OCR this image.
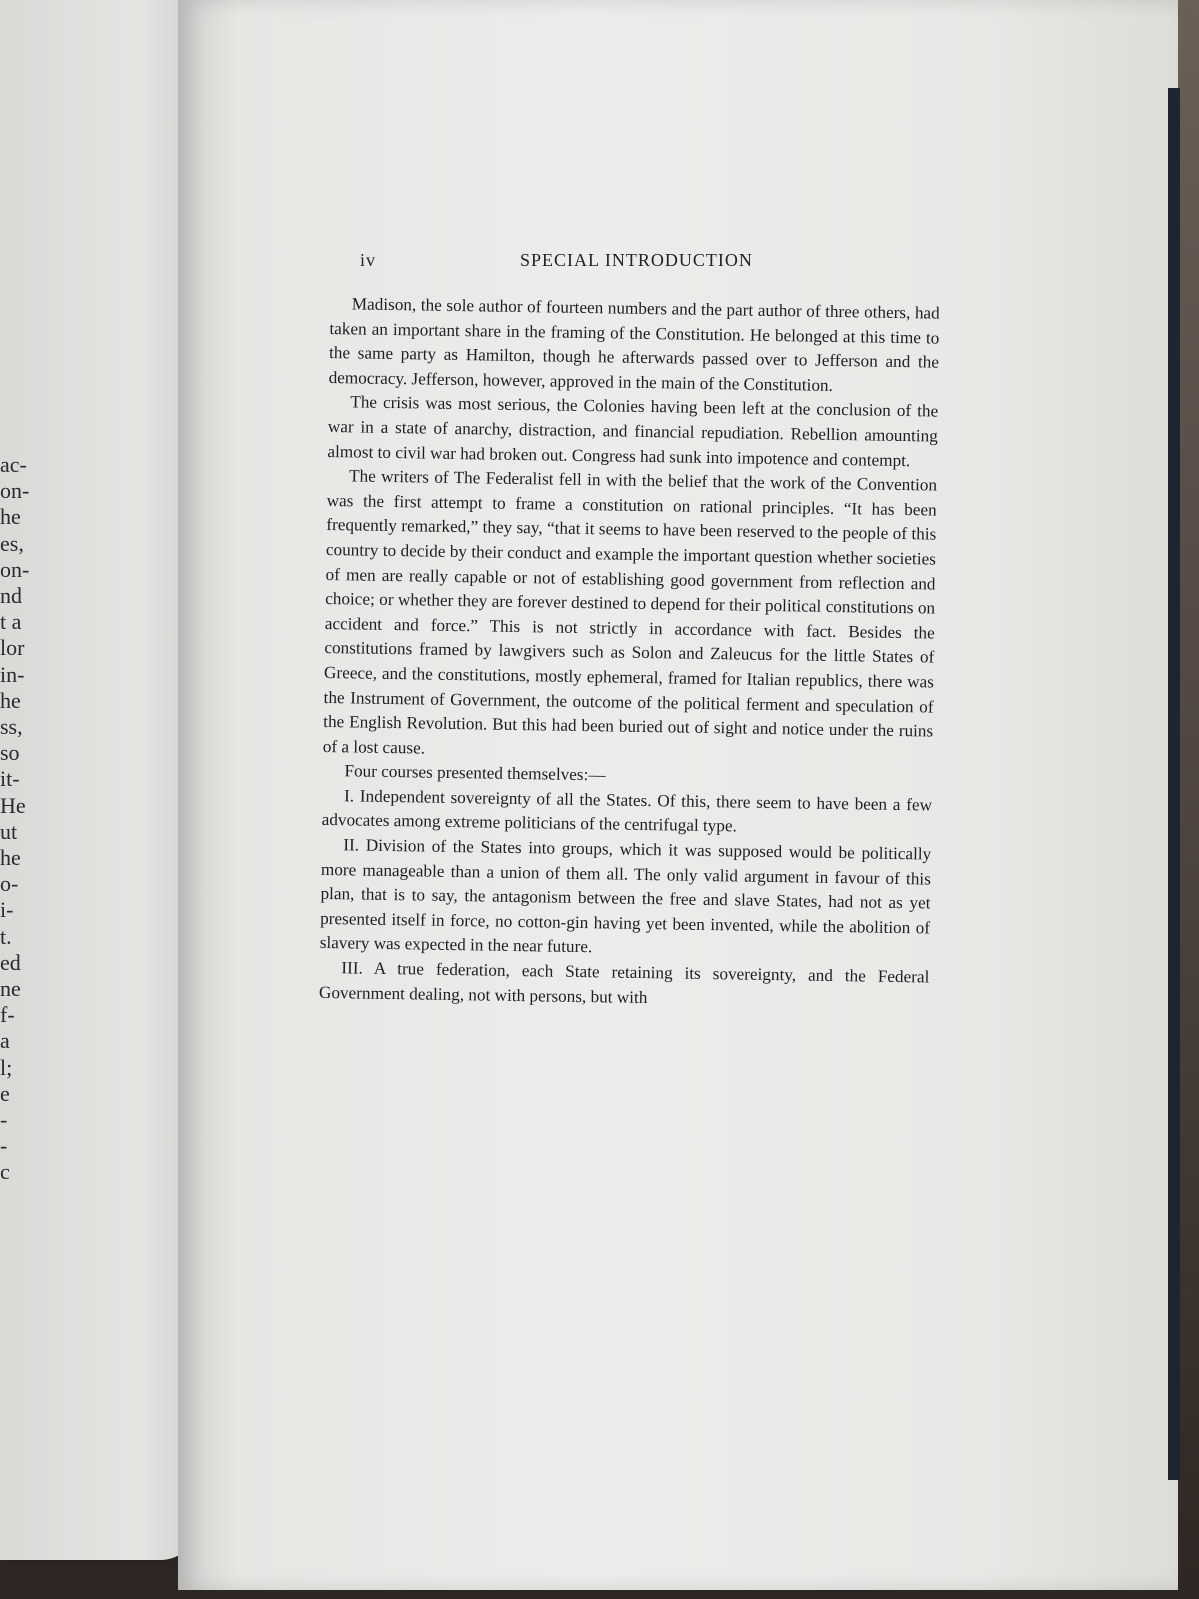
ac-
on-
he
es,
on-
nd
t a
lor
in-
he
ss,
so
it-
He
ut
he
o-
i-
t.
ed
ne
f-
a
l;
e
-
-
c
iv	SPECIAL INTRODUCTION

Madison, the sole author of fourteen numbers and the part author of three others, had taken an important share in the framing of the Constitution. He belonged at this time to the same party as Hamilton, though he afterwards passed over to Jefferson and the democracy. Jefferson, however, approved in the main of the Constitution.

The crisis was most serious, the Colonies having been left at the conclusion of the war in a state of anarchy, distraction, and financial repudiation. Rebellion amounting almost to civil war had broken out. Congress had sunk into impotence and contempt.

The writers of The Federalist fell in with the belief that the work of the Convention was the first attempt to frame a constitution on rational principles. “It has been frequently remarked,” they say, “that it seems to have been reserved to the people of this country to decide by their conduct and example the important question whether societies of men are really capable or not of establishing good government from reflection and choice; or whether they are forever destined to depend for their political constitutions on accident and force.” This is not strictly in accordance with fact. Besides the constitutions framed by lawgivers such as Solon and Zaleucus for the little States of Greece, and the constitutions, mostly ephemeral, framed for Italian republics, there was the Instrument of Government, the outcome of the political ferment and speculation of the English Revolution. But this had been buried out of sight and notice under the ruins of a lost cause.

Four courses presented themselves:—

I. Independent sovereignty of all the States. Of this, there seem to have been a few advocates among extreme politicians of the centrifugal type.

II. Division of the States into groups, which it was supposed would be politically more manageable than a union of them all. The only valid argument in favour of this plan, that is to say, the antagonism between the free and slave States, had not as yet presented itself in force, no cotton-gin having yet been invented, while the abolition of slavery was expected in the near future.

III. A true federation, each State retaining its sovereignty, and the Federal Government dealing, not with persons, but with
